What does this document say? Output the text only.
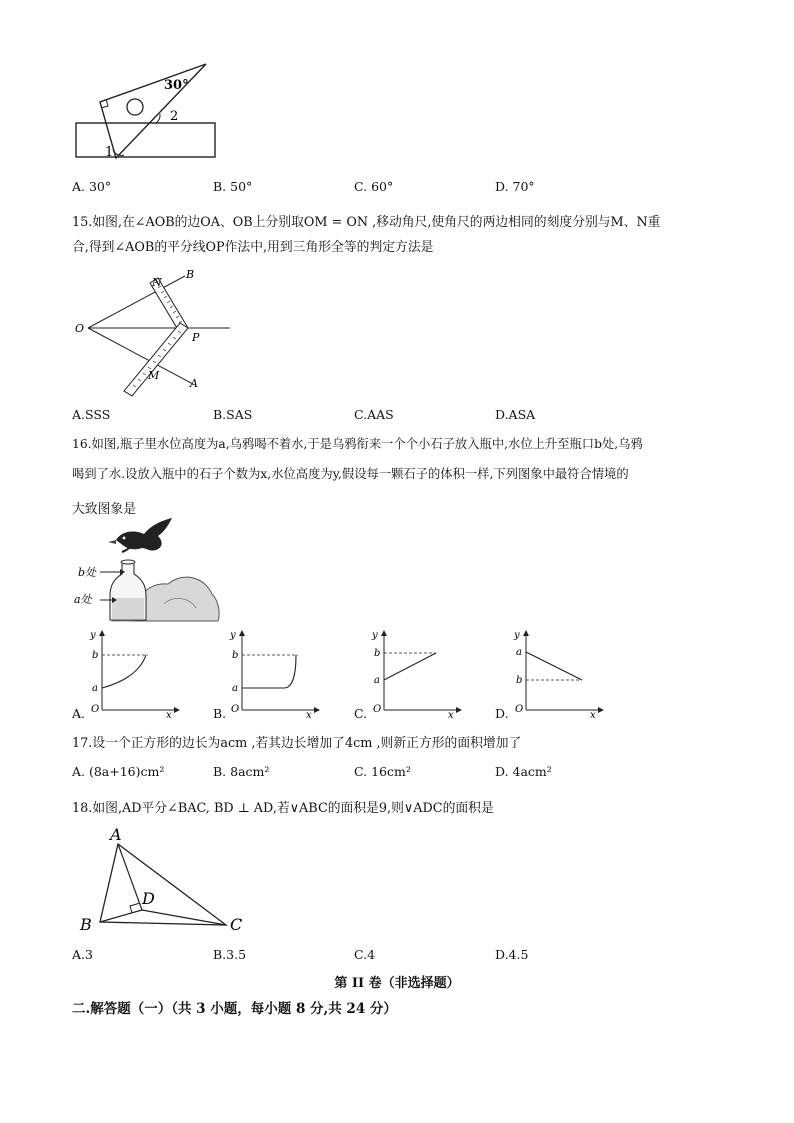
30°
2
1
A. 30°	B. 50°	C. 60°	D. 70°
15.如图,在∠AOB的边OA、OB上分别取OM = ON ,移动角尺,使角尺的两边相同的刻度分别与M、N重
合,得到∠AOB的平分线OP作法中,用到三角形全等的判定方法是
B
N
O
P
M
A
A.SSS	B.SAS	C.AAS	D.ASA
16.如图,瓶子里水位高度为a,乌鸦喝不着水,于是乌鸦衔来一个个小石子放入瓶中,水位上升至瓶口b处,乌鸦
喝到了水.设放入瓶中的石子个数为x,水位高度为y,假设每一颗石子的体积一样,下列图象中最符合情境的
大致图象是
b处
a处
y
b
a
O
x
y
b
a
O
x
y
b
a
O
x
y
a
b
O
x
A.	B.	C.	D.
17.设一个正方形的边长为acm ,若其边长增加了4cm ,则新正方形的面积增加了
A. (8a+16)cm²	B. 8acm²	C. 16cm²	D. 4acm²
18.如图,AD平分∠BAC, BD ⊥ AD,若∨ABC的面积是9,则∨ADC的面积是
A
B
D
C
A.3	B.3.5	C.4	D.4.5
第 II 卷（非选择题）
二.解答题（一）（共 3 小题，每小题 8 分,共 24 分）
